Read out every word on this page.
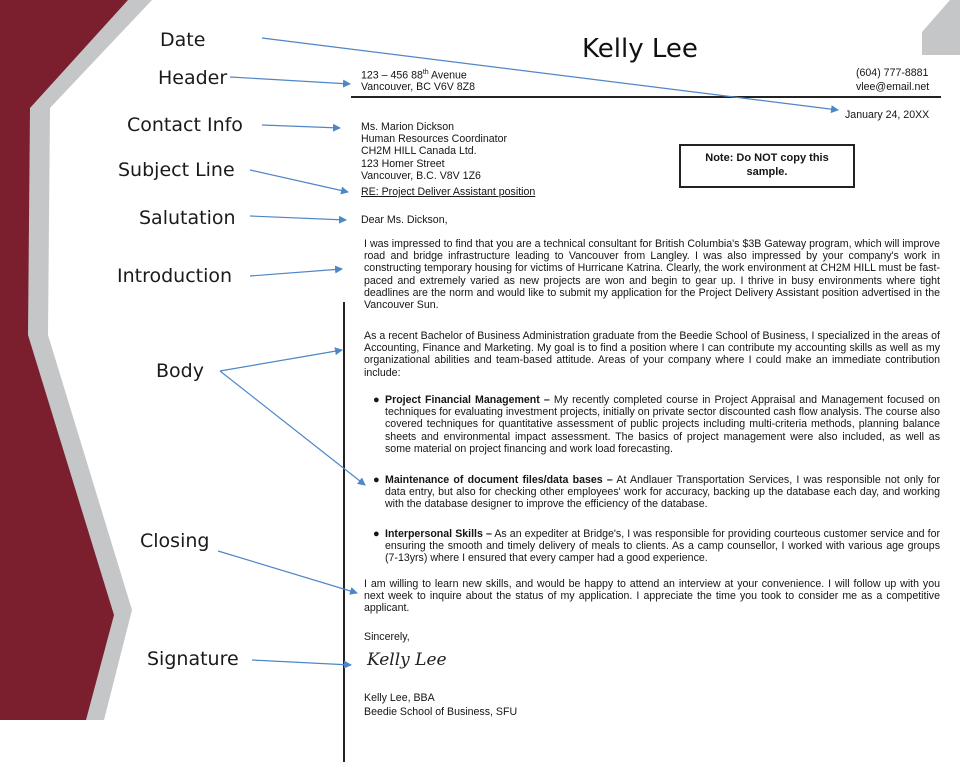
Kelly Lee
Date
Header
Contact Info
Subject Line
Salutation
Introduction
Body
Closing
Signature
123 – 456 88th Avenue
Vancouver, BC V6V 8Z8
(604) 777-8881
vlee@email.net
January 24, 20XX
Ms. Marion Dickson
Human Resources Coordinator
CH2M HILL Canada Ltd.
123 Homer Street
Vancouver, B.C. V8V 1Z6
Note: Do NOT copy this sample.
RE: Project Deliver Assistant position
Dear Ms. Dickson,
I was impressed to find that you are a technical consultant for British Columbia's $3B Gateway program, which will improve road and bridge infrastructure leading to Vancouver from Langley. I was also impressed by your company's work in constructing temporary housing for victims of Hurricane Katrina. Clearly, the work environment at CH2M HILL must be fast-paced and extremely varied as new projects are won and begin to gear up. I thrive in busy environments where tight deadlines are the norm and would like to submit my application for the Project Delivery Assistant position advertised in the Vancouver Sun.
As a recent Bachelor of Business Administration graduate from the Beedie School of Business, I specialized in the areas of Accounting, Finance and Marketing. My goal is to find a position where I can contribute my accounting skills as well as my organizational abilities and team-based attitude. Areas of your company where I could make an immediate contribution include:
● Project Financial Management – My recently completed course in Project Appraisal and Management focused on techniques for evaluating investment projects, initially on private sector discounted cash flow analysis. The course also covered techniques for quantitative assessment of public projects including multi-criteria methods, planning balance sheets and environmental impact assessment. The basics of project management were also included, as well as some material on project financing and work load forecasting.
● Maintenance of document files/data bases – At Andlauer Transportation Services, I was responsible not only for data entry, but also for checking other employees' work for accuracy, backing up the database each day, and working with the database designer to improve the efficiency of the database.
● Interpersonal Skills – As an expediter at Bridge's, I was responsible for providing courteous customer service and for ensuring the smooth and timely delivery of meals to clients. As a camp counsellor, I worked with various age groups (7-13yrs) where I ensured that every camper had a good experience.
I am willing to learn new skills, and would be happy to attend an interview at your convenience. I will follow up with you next week to inquire about the status of my application. I appreciate the time you took to consider me as a competitive applicant.
Sincerely,
Kelly Lee
Kelly Lee, BBA
Beedie School of Business, SFU
